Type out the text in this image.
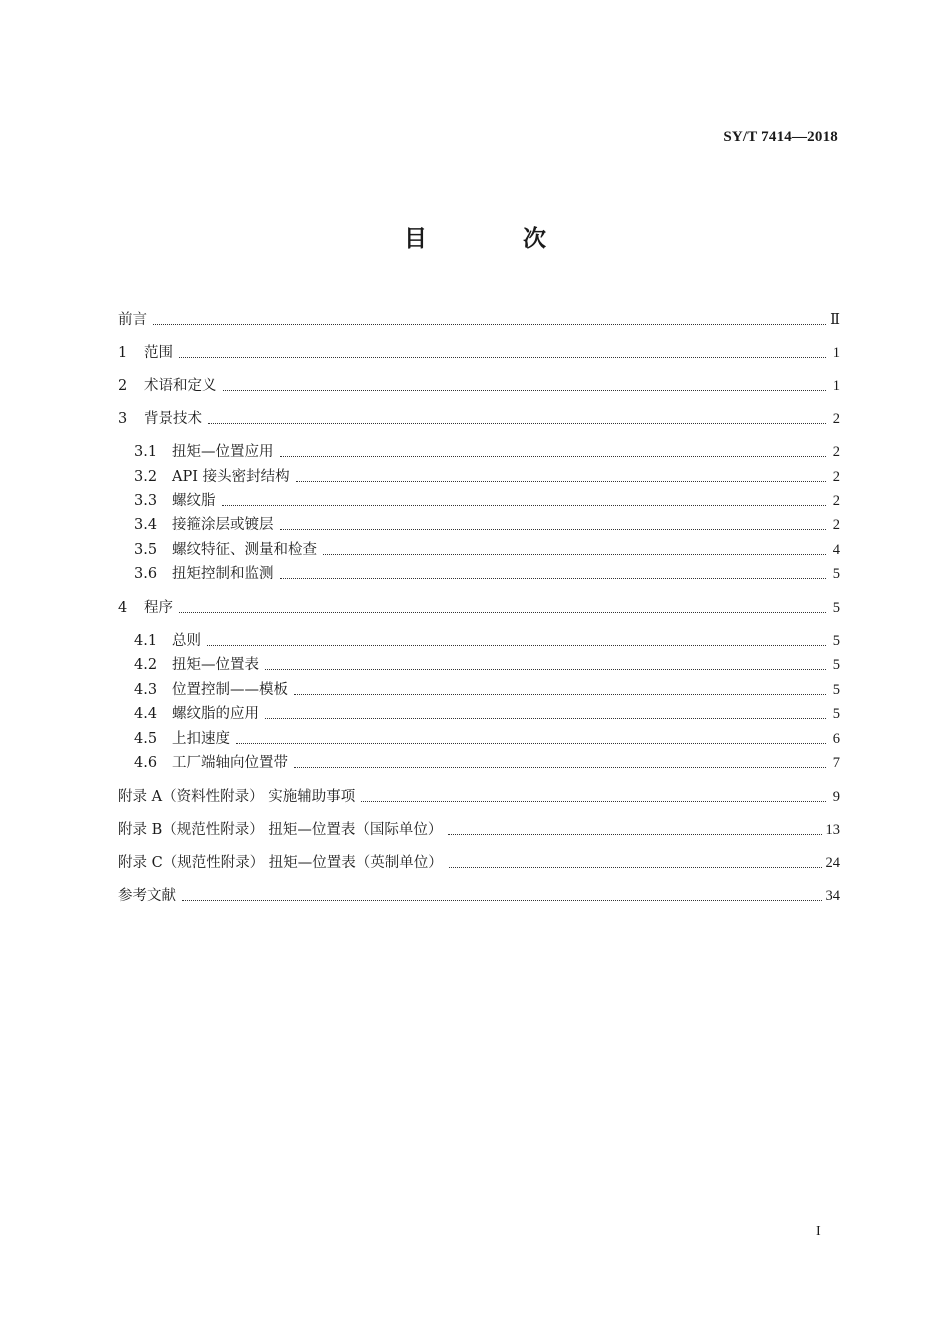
SY/T 7414—2018
目 次
前言	Ⅱ
1	范围	1
2	术语和定义	1
3	背景技术	2
3.1	扭矩—位置应用	2
3.2	API 接头密封结构	2
3.3	螺纹脂	2
3.4	接箍涂层或镀层	2
3.5	螺纹特征、测量和检查	4
3.6	扭矩控制和监测	5
4	程序	5
4.1	总则	5
4.2	扭矩—位置表	5
4.3	位置控制——模板	5
4.4	螺纹脂的应用	5
4.5	上扣速度	6
4.6	工厂端轴向位置带	7
附录 A（资料性附录） 实施辅助事项	9
附录 B（规范性附录） 扭矩—位置表（国际单位）	13
附录 C（规范性附录） 扭矩—位置表（英制单位）	24
参考文献	34
I
